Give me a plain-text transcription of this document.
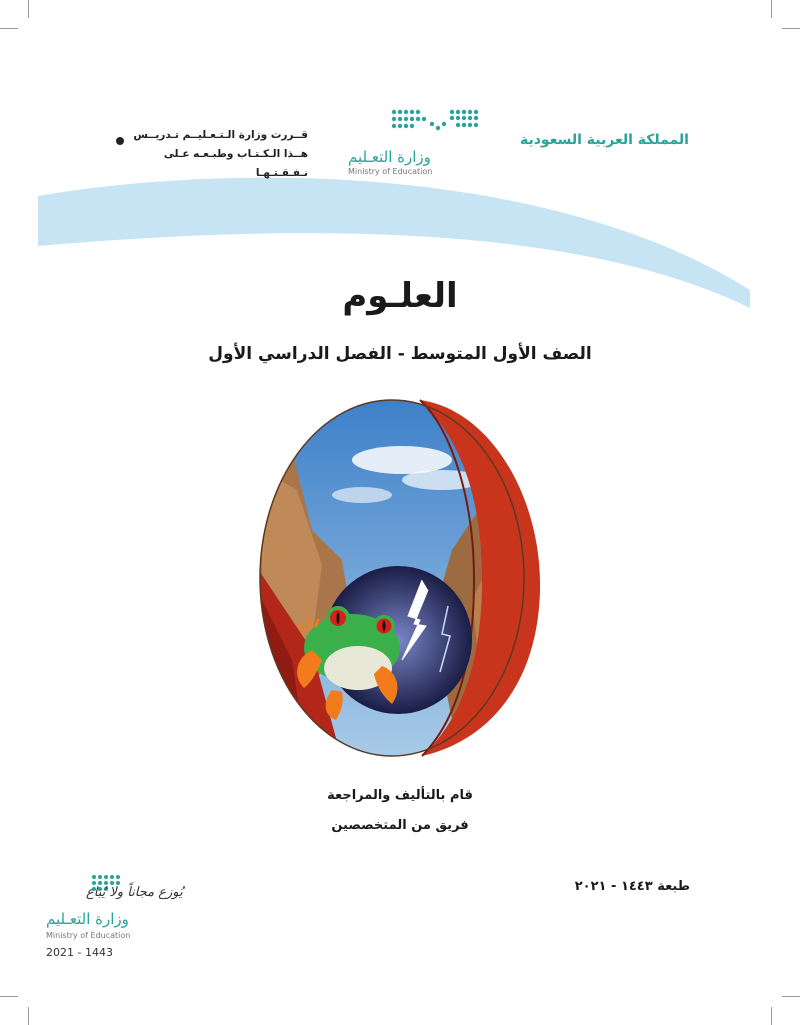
المملكة العربية السعودية
وزارة التعـليم
Ministry of Education
قــررت وزارة الـتـعـليــم تـدريــس
هــذا الـكـتـاب وطبـعـه عـلى نـفـقـتـهـا
العلـوم
الصف الأول المتوسط - الفصل الدراسي الأول
قام بالتأليف والمراجعة
فريق من المتخصصين
طبعة ١٤٤٣ - ٢٠٢١
يُوزع مجاناً ولا يُباع
وزارة التعـليم
Ministry of Education
2021 - 1443
